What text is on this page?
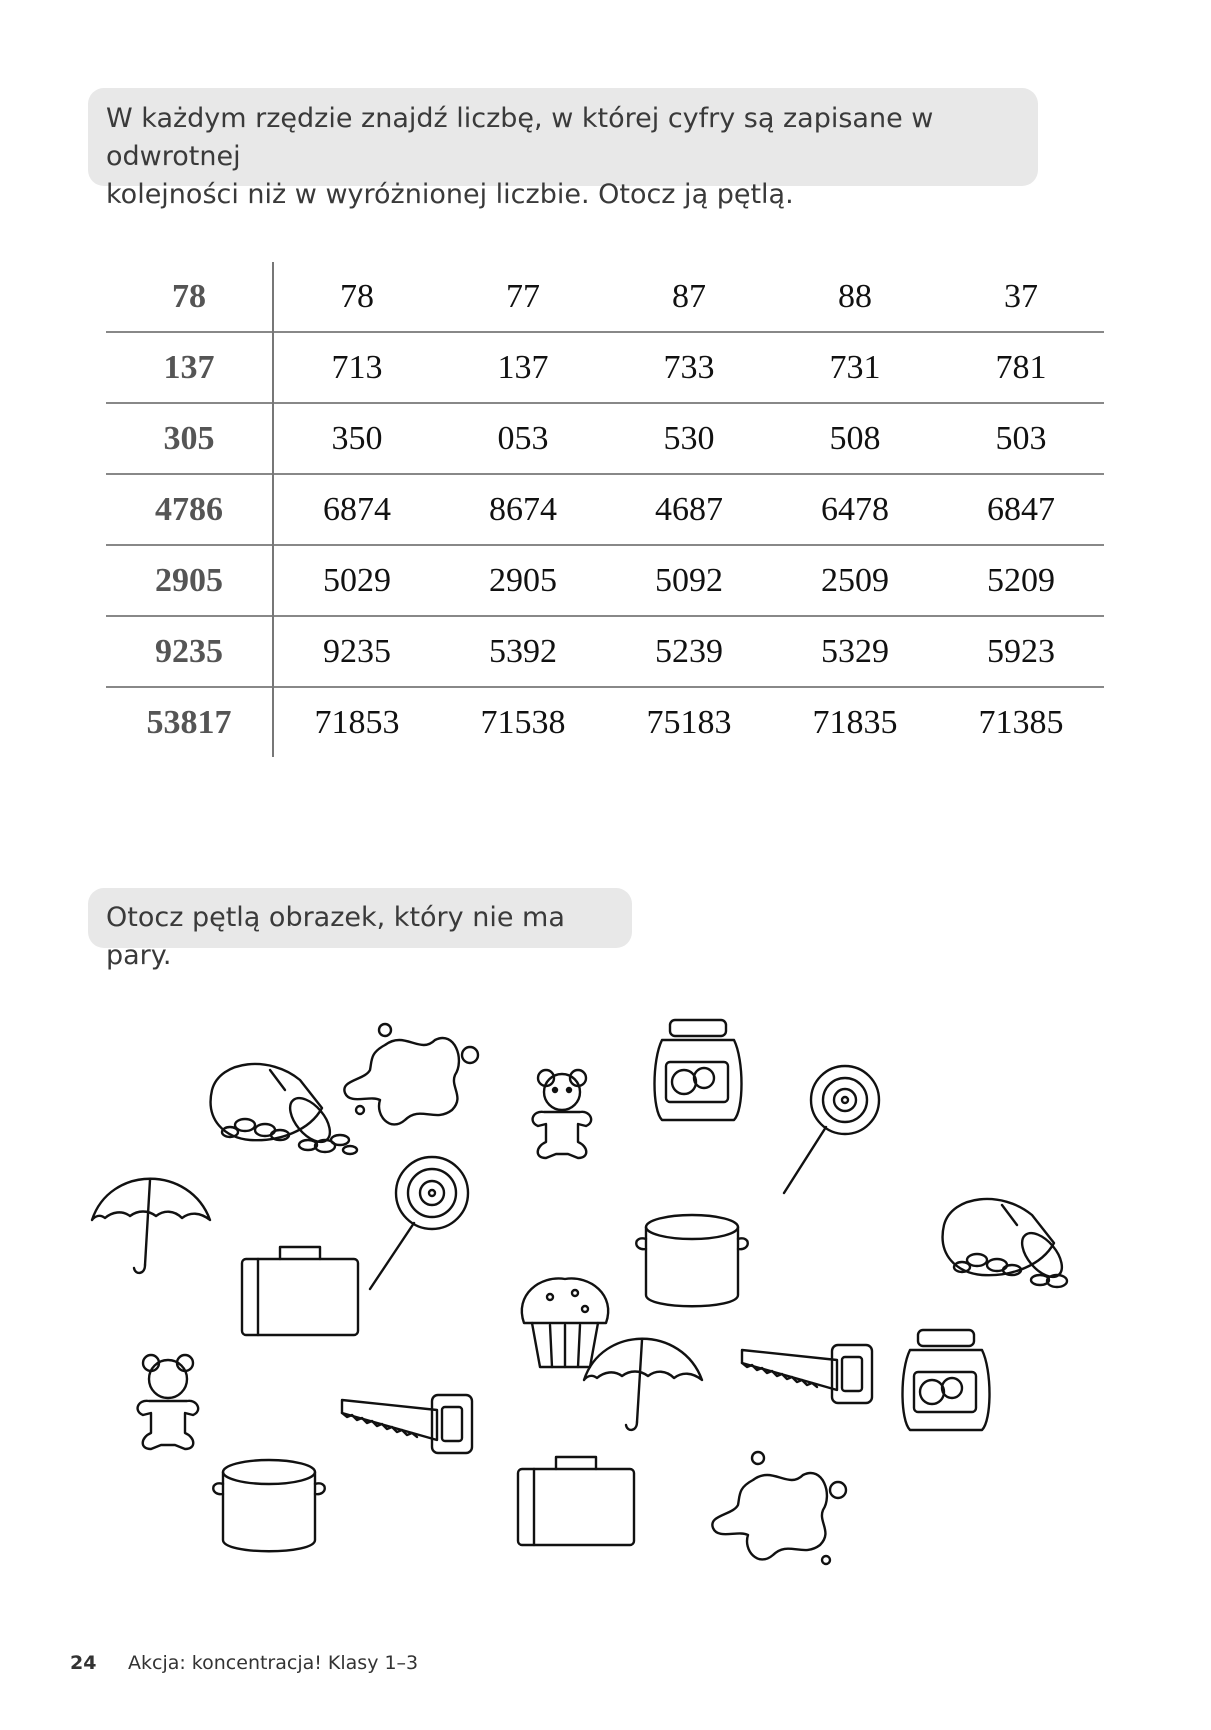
W każdym rzędzie znajdź liczbę, w której cyfry są zapisane w odwrotnej
kolejności niż w wyróżnionej liczbie. Otocz ją pętlą.
78	78	77	87	88	37
137	713	137	733	731	781
305	350	053	530	508	503
4786	6874	8674	4687	6478	6847
2905	5029	2905	5092	2509	5209
9235	9235	5392	5239	5329	5923
53817	71853	71538	75183	71835	71385
Otocz pętlą obrazek, który nie ma pary.
24 Akcja: koncentracja! Klasy 1–3
